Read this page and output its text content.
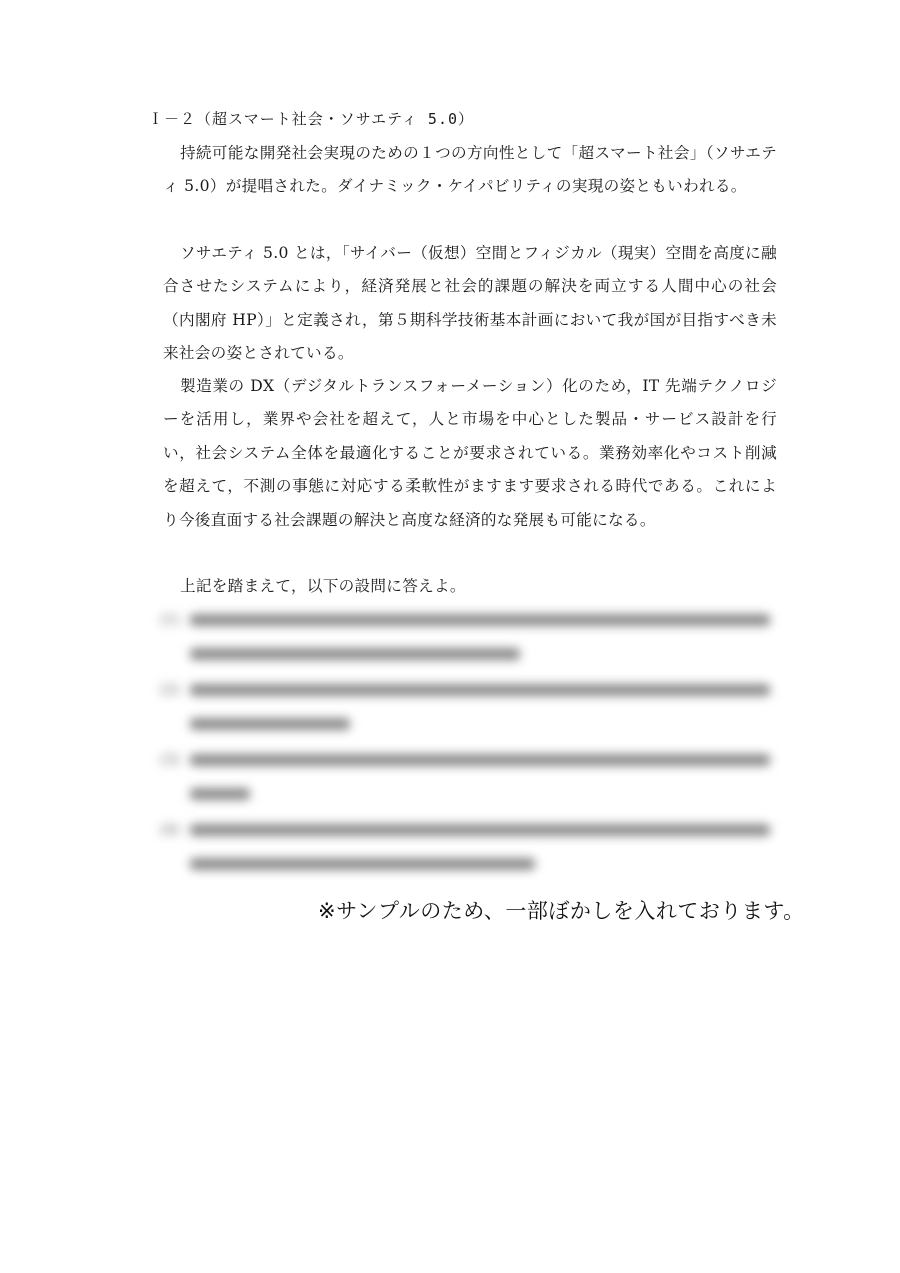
Ｉ－２（超スマート社会・ソサエティ 5.0）

持続可能な開発社会実現のための１つの方向性として「超スマート社会」（ソサエティ 5.0）が提唱された。ダイナミック・ケイパビリティの実現の姿ともいわれる。

ソサエティ 5.0 とは，「サイバー（仮想）空間とフィジカル（現実）空間を高度に融合させたシステムにより，経済発展と社会的課題の解決を両立する人間中心の社会（内閣府 HP）」と定義され，第５期科学技術基本計画において我が国が目指すべき未来社会の姿とされている。

製造業の DX（デジタルトランスフォーメーション）化のため，IT 先端テクノロジーを活用し，業界や会社を超えて，人と市場を中心とした製品・サービス設計を行い，社会システム全体を最適化することが要求されている。業務効率化やコスト削減を超えて，不測の事態に対応する柔軟性がますます要求される時代である。これにより今後直面する社会課題の解決と高度な経済的な発展も可能になる。

上記を踏まえて，以下の設問に答えよ。

(1)
(2)
(3)
(4)
※サンプルのため、一部ぼかしを入れております。
